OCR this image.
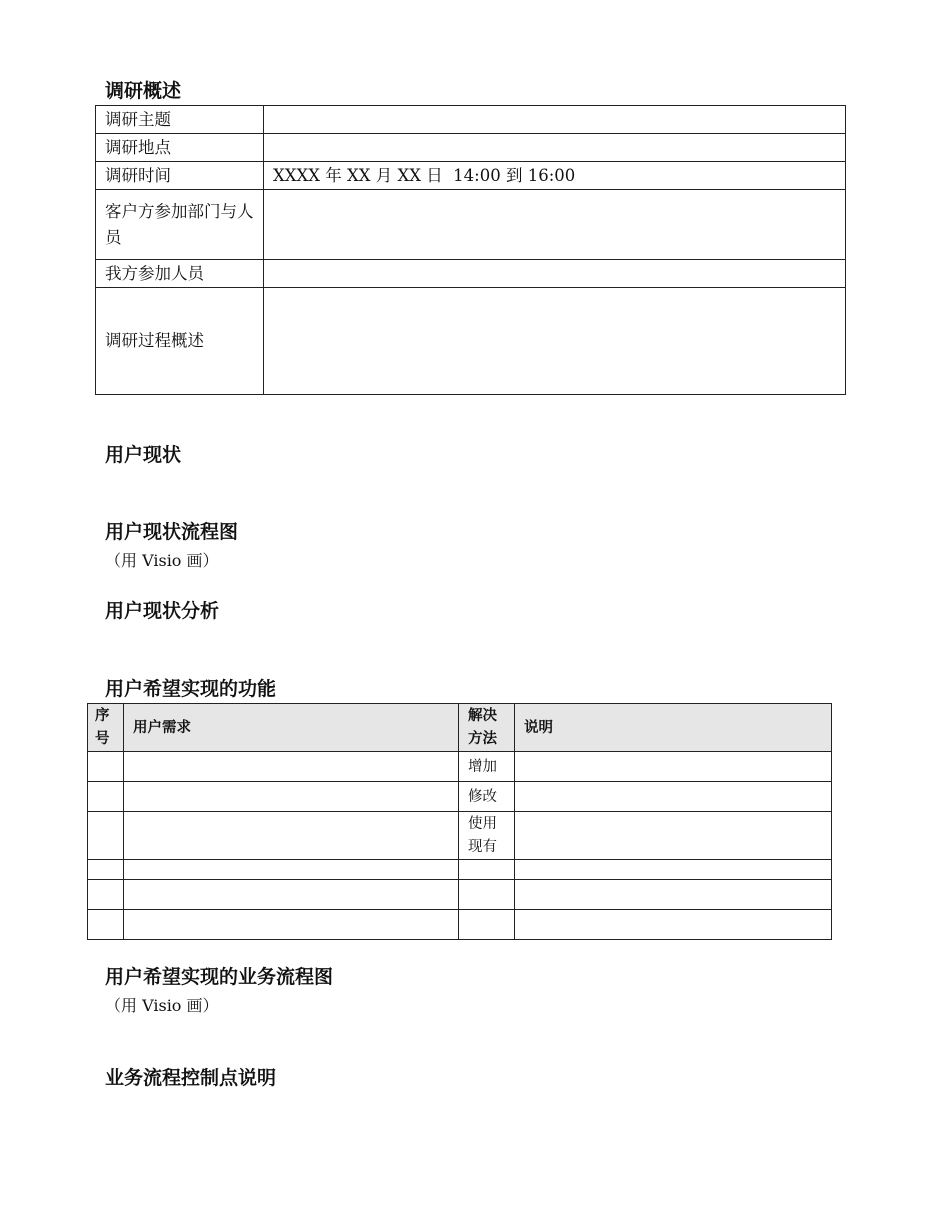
调研概述
调研主题	
调研地点	
调研时间	XXXX 年 XX 月 XX 日  14:00 到 16:00
客户方参加部门与人员	
我方参加人员	
调研过程概述	
用户现状
用户现状流程图
（用 Visio 画）
用户现状分析
用户希望实现的功能
序号	用户需求	解决方法	说明
		增加	
		修改	
		使用现有	

用户希望实现的业务流程图
（用 Visio 画）
业务流程控制点说明
